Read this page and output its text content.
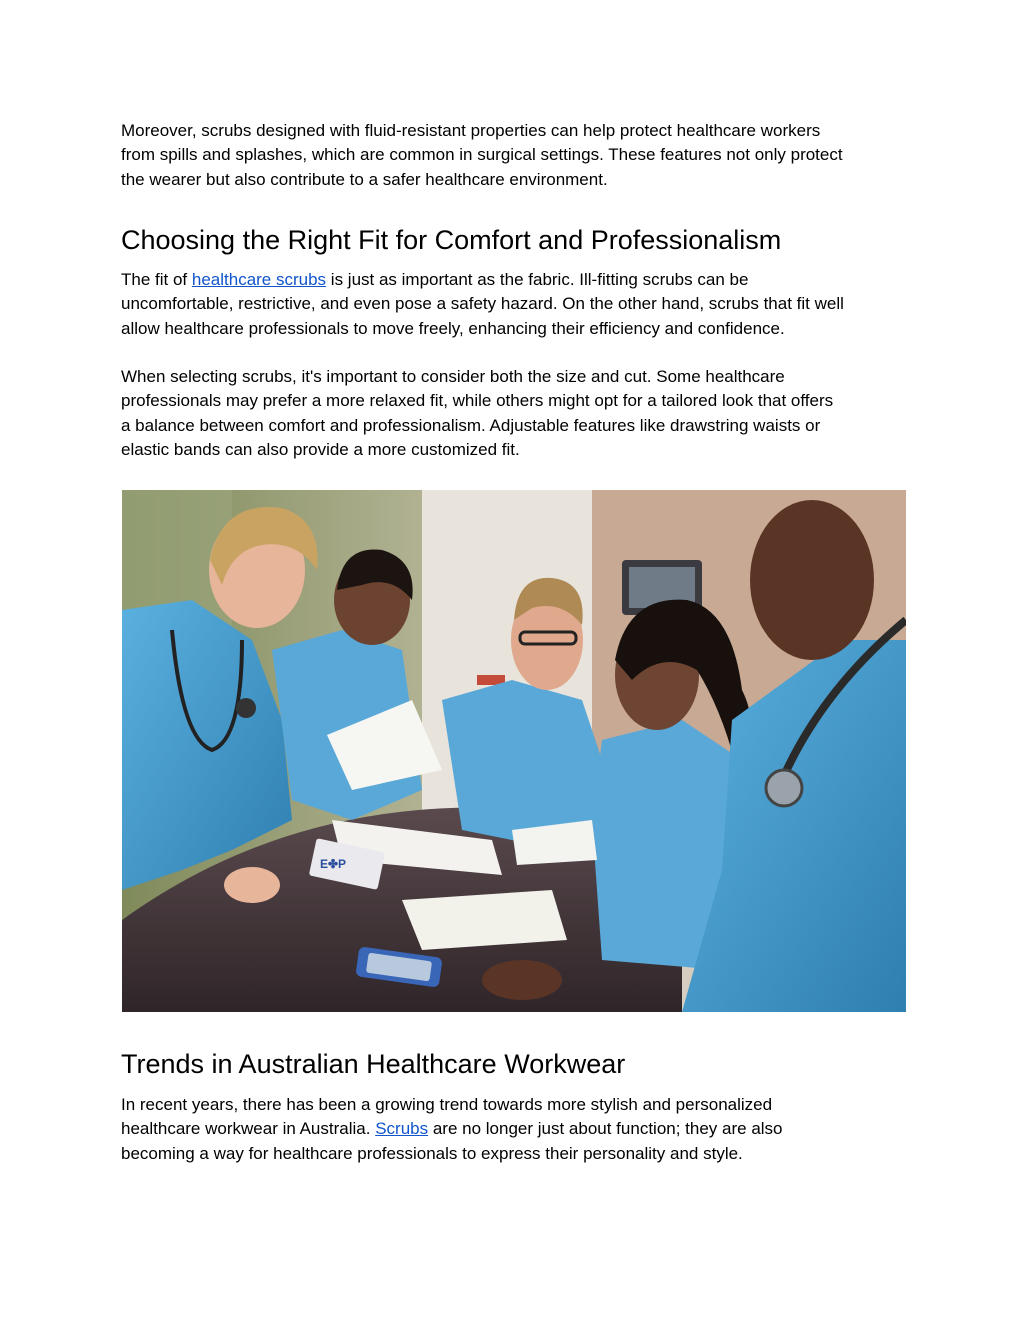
Moreover, scrubs designed with fluid-resistant properties can help protect healthcare workers
from spills and splashes, which are common in surgical settings. These features not only protect
the wearer but also contribute to a safer healthcare environment.

Choosing the Right Fit for Comfort and Professionalism

The fit of healthcare scrubs is just as important as the fabric. Ill-fitting scrubs can be
uncomfortable, restrictive, and even pose a safety hazard. On the other hand, scrubs that fit well
allow healthcare professionals to move freely, enhancing their efficiency and confidence.

When selecting scrubs, it's important to consider both the size and cut. Some healthcare
professionals may prefer a more relaxed fit, while others might opt for a tailored look that offers
a balance between comfort and professionalism. Adjustable features like drawstring waists or
elastic bands can also provide a more customized fit.

E✤P
Trends in Australian Healthcare Workwear

In recent years, there has been a growing trend towards more stylish and personalized
healthcare workwear in Australia. Scrubs are no longer just about function; they are also
becoming a way for healthcare professionals to express their personality and style.
